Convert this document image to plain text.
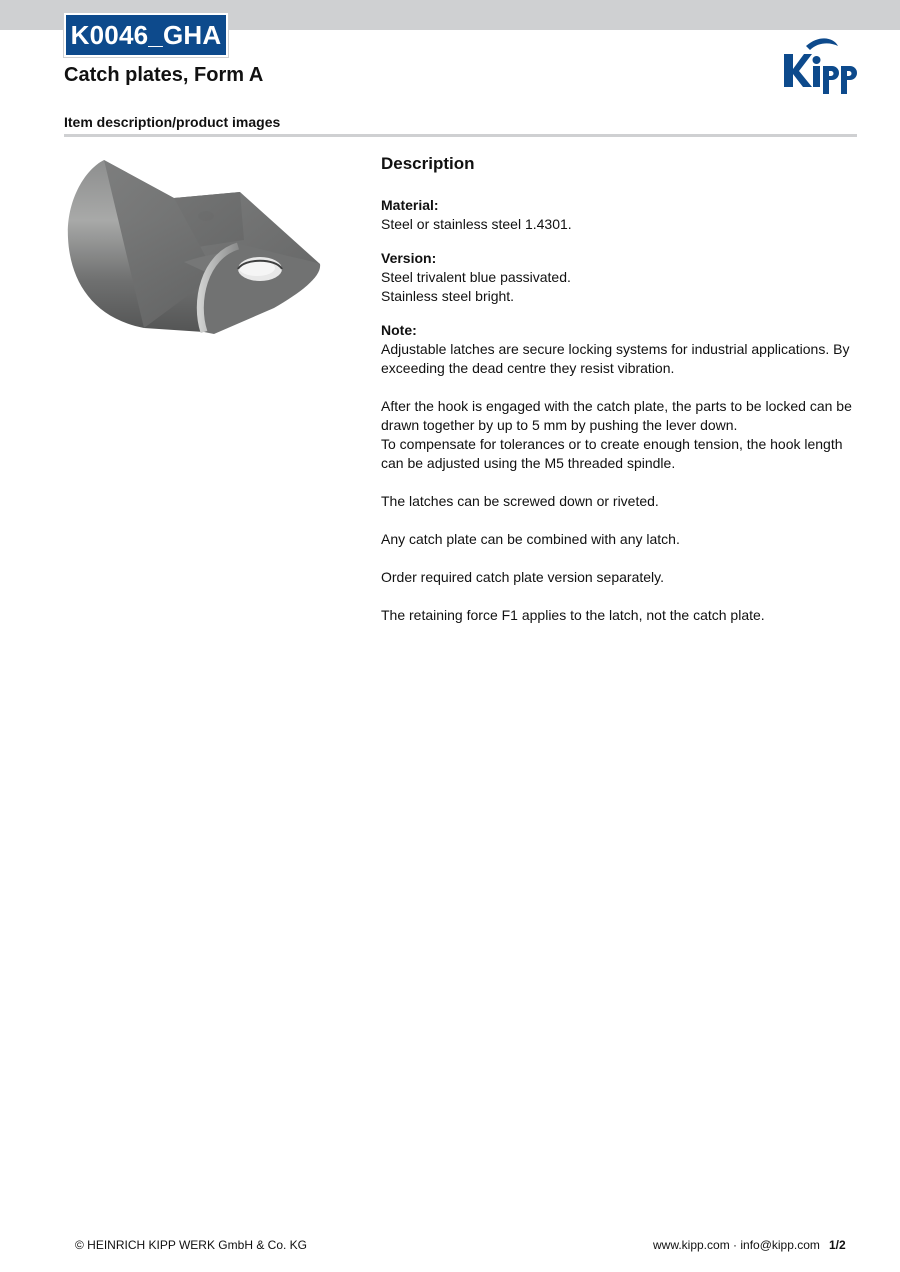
K0046_GHA
Catch plates, Form A
Item description/product images
Description
Material:

Steel or stainless steel 1.4301.

Version:

Steel trivalent blue passivated.

Stainless steel bright.

Note:

Adjustable latches are secure locking systems for industrial applications. By exceeding the dead centre they resist vibration.

After the hook is engaged with the catch plate, the parts to be locked can be drawn together by up to 5 mm by pushing the lever down.

To compensate for tolerances or to create enough tension, the hook length can be adjusted using the M5 threaded spindle.

The latches can be screwed down or riveted.

Any catch plate can be combined with any latch.

Order required catch plate version separately.

The retaining force F1 applies to the latch, not the catch plate.

© HEINRICH KIPP WERK GmbH & Co. KG	www.kipp.com · info@kipp.com 1/2
